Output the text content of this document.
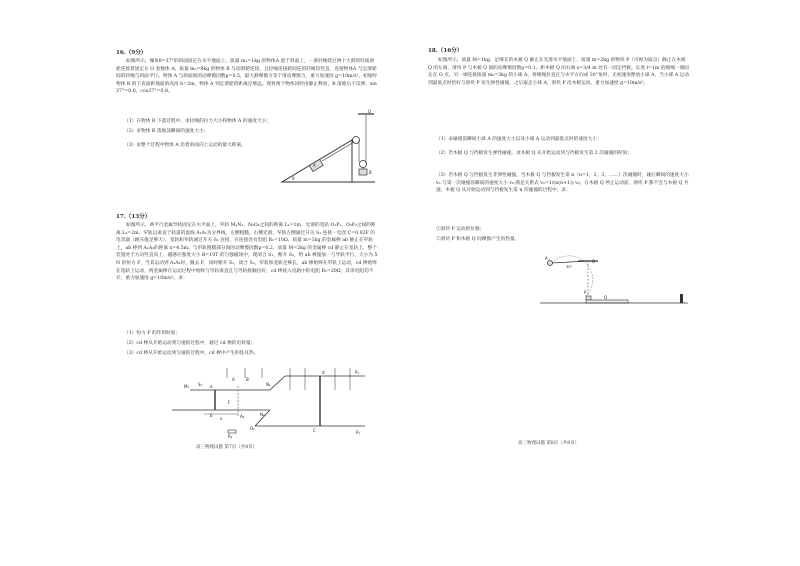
16.（9分）
如图所示，倾角θ=37°的斜面固定在水平地面上，质量 m₁=1kg 的物体A 置于斜面上，一条轻绳绕过两个大滑的轻质滑轮连接着固定在 O 参数体 A，质量 m₂=8kg 的物体 B 与动滑轮连接，且轻绳连接轮间连的轻绳均竖直，连接物体A 与定滑轮间的轻绳与斜面平行。物体 A 与斜面间的动摩擦因数μ=0.5，最大静摩擦力等于滑动摩擦力，重力加速度 g=10m/s²。初始时物体 B 的下表面距地面的高度 h=2m，物体 A 到定滑轮的距离足够远。现将两个物体同时由静止释放，B 落地后不反弹。sin37°=0.6，cos37°=0.8。
（1）在物体 B 下落过程中，求轻绳的拉力大小和物体 A 的速度大小；
（2）求物体 B 落地前瞬间的速度大小；
（3）求整个过程中物体 A 沿着斜面向上运动的最大距离。
O
A
B
θ
17.（13分）
如图所示，两平行金属导轨固定在水平面上，窄轨 M₁N₁、N₂O₂之间的距离 L₁=1m，光滑的宽轨 O₁P₁、O₂P₂之间的距离 L₂=2m，窄轨以垂直于轨道的虚线 A₁A₂为分界线，左侧粗糙，右侧光滑，窄轨左侧通过开关 S₁ 连接一电容 C=0.02F 的电容器（耐压值足够大），宽轨和窄轨通过开关 S₂ 连接，在连接处有电阻 R₁=10Ω。质量 m=1kg 的金属棒 ab 静止在窄轨上，ab 棒到 A₁A₂的距离 x=4.5m，与窄轨粗糙部分间的动摩擦因数μ=0.2，质量 M=2kg 的金属棒 cd 静止在宽轨上，整个装置处于方向竖直向上、磁感应强度大小 B=10T 的匀强磁场中，现闭合 S₁，断开 S₂，给 ab 棒施加一与导轨平行、大小为 5N 的恒力 F，当其运动到 A₁A₂时，撤去 F，同时断开 S₁，闭合 S₂，窄轨和宽轨足够长，ab 棒始终在窄轨上运动，cd 棒始终在宽轨上运动，两金属棒在运动过程中始终与导轨垂直且与导轨接触良好，cd 棒接入电路中的电阻 R₂=20Ω，其余电阻均不计，重力加速度 g=10m/s²。求：
（1）恒力 F 的作用时间；
（2）cd 棒从开始运动到匀速的过程中，通过 cd 棒的电荷量；
（3）cd 棒从开始运动到匀速的过程中，cd 棒中产生的焦耳热。
M₁ S₁
A	B
N₁
d	P₁
a
b
x
F
A₂	N₂
O₁
R₁
C	P₁
高三物理试题 第7页（共8页）
18.（16分）
如图所示，质量 M=1kg、足够长的木板 Q 静止在光滑水平地面上，质量 m=2kg 的物块 P（可视为质点）静止在木板 Q 的左端，滑块 P 与木板 Q 间的动摩擦因数μ=0.1。距木板 Q 的右端 s=3/4 m 处有一固定挡板。长度 l=1m 的细绳一端固定在 O 点，另一端连接质量 m₀=3kg 的小球 A，将细绳拉直且与水平方向成 30°角时，无初速度释放小球 A，当小球 A 运动到最低点时恰好与滑块 P 发生弹性碰撞，之后取走小球 A，滑块 P 沿木板运动。重力加速度 g=10m/s²。
（1）求碰撞前瞬间小球 A 的速度大小以及小球 A 运动到最低点时的速度大小；
（2）若木板 Q 与挡板发生弹性碰撞，求木板 Q 从开始运动到与挡板发生第 2 次碰撞的时间；
（3）若木板 Q 与挡板发生非弹性碰撞，当木板 Q 与挡板发生第 n（n=1，2，3，……）次碰撞时，碰后瞬间的速度大小 vₙ 与第一次碰撞前瞬间的速度大小 v₀ 满足关系式 vₙ=1/(n(n+1)) v₀，在木板 Q 停止运动前，滑块 P 都不会与木板 Q 共速，木板 Q 从开始运动到与挡板发生第 n 次碰撞的过程中，求：
①滑块 P 运动的位移；
②滑块 P 和木板 Q 间摩擦产生的热量。
O
A
30°
P
Q
高三物理试题 第8页（共8页）
